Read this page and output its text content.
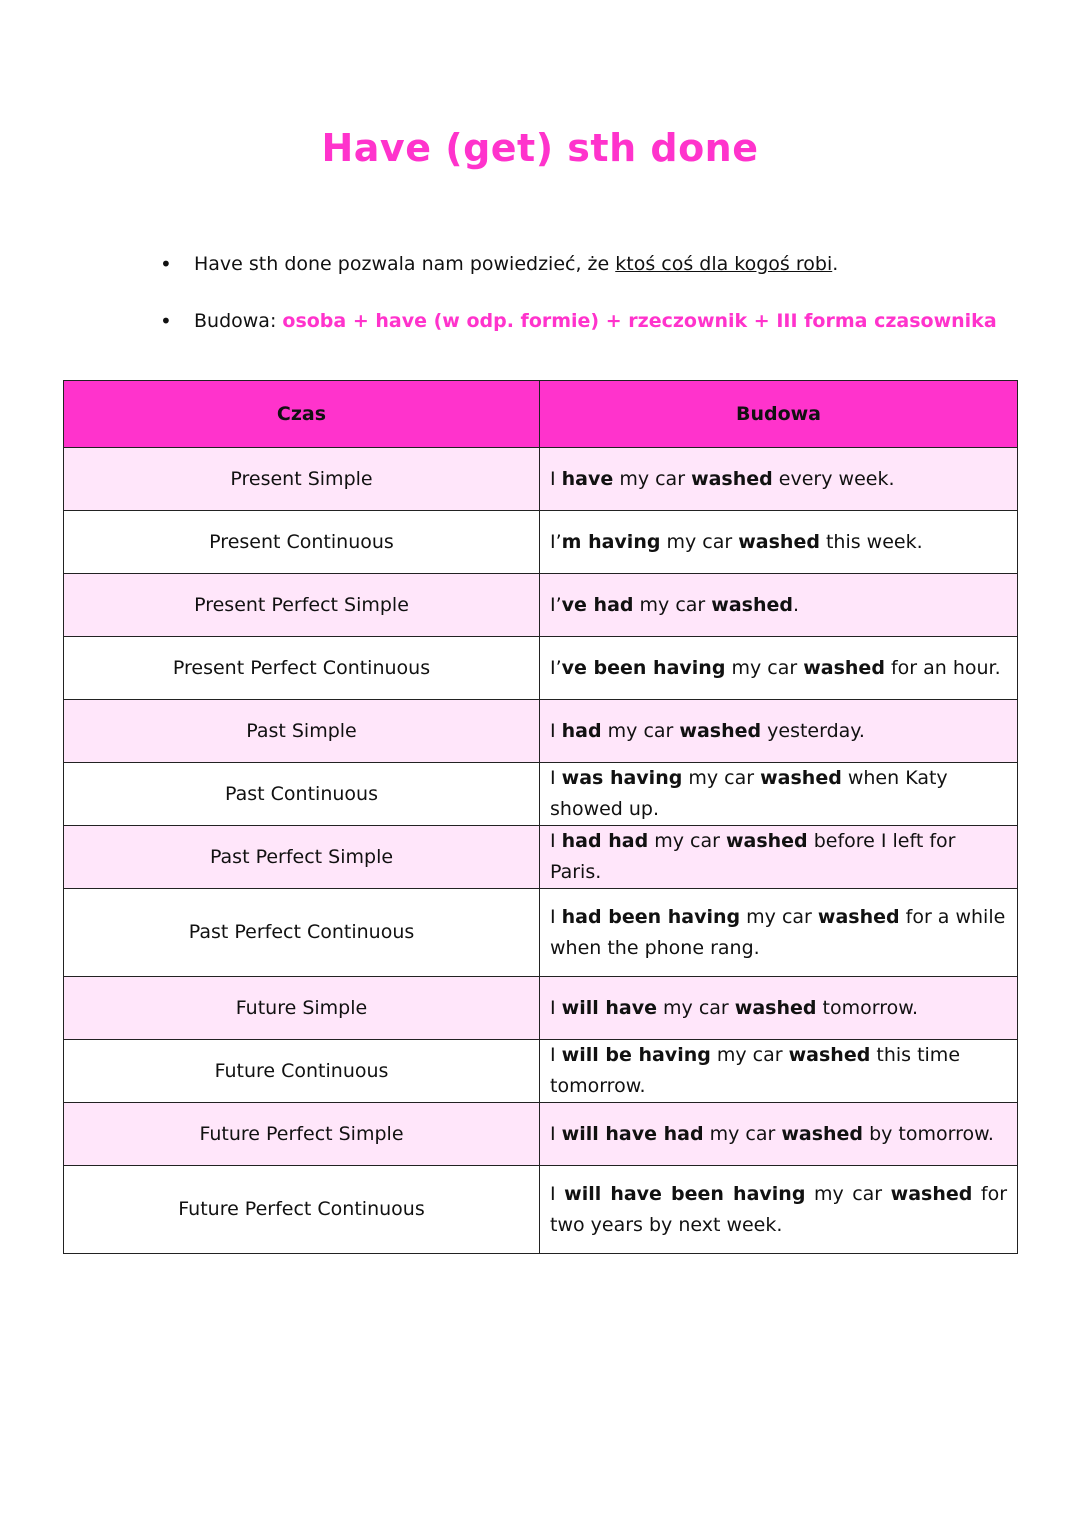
Have (get) sth done
• Have sth done pozwala nam powiedzieć, że ktoś coś dla kogoś robi.
• Budowa: osoba + have (w odp. formie) + rzeczownik + III forma czasownika
Czas	Budowa
Present Simple	I have my car washed every week.
Present Continuous	I’m having my car washed this week.
Present Perfect Simple	I’ve had my car washed.
Present Perfect Continuous	I’ve been having my car washed for an hour.
Past Simple	I had my car washed yesterday.
Past Continuous	I was having my car washed when Katy showed up.
Past Perfect Simple	I had had my car washed before I left for Paris.
Past Perfect Continuous	I had been having my car washed for a while when the phone rang.
Future Simple	I will have my car washed tomorrow.
Future Continuous	I will be having my car washed this time tomorrow.
Future Perfect Simple	I will have had my car washed by tomorrow.
Future Perfect Continuous	I will have been having my car washed for two years by next week.
